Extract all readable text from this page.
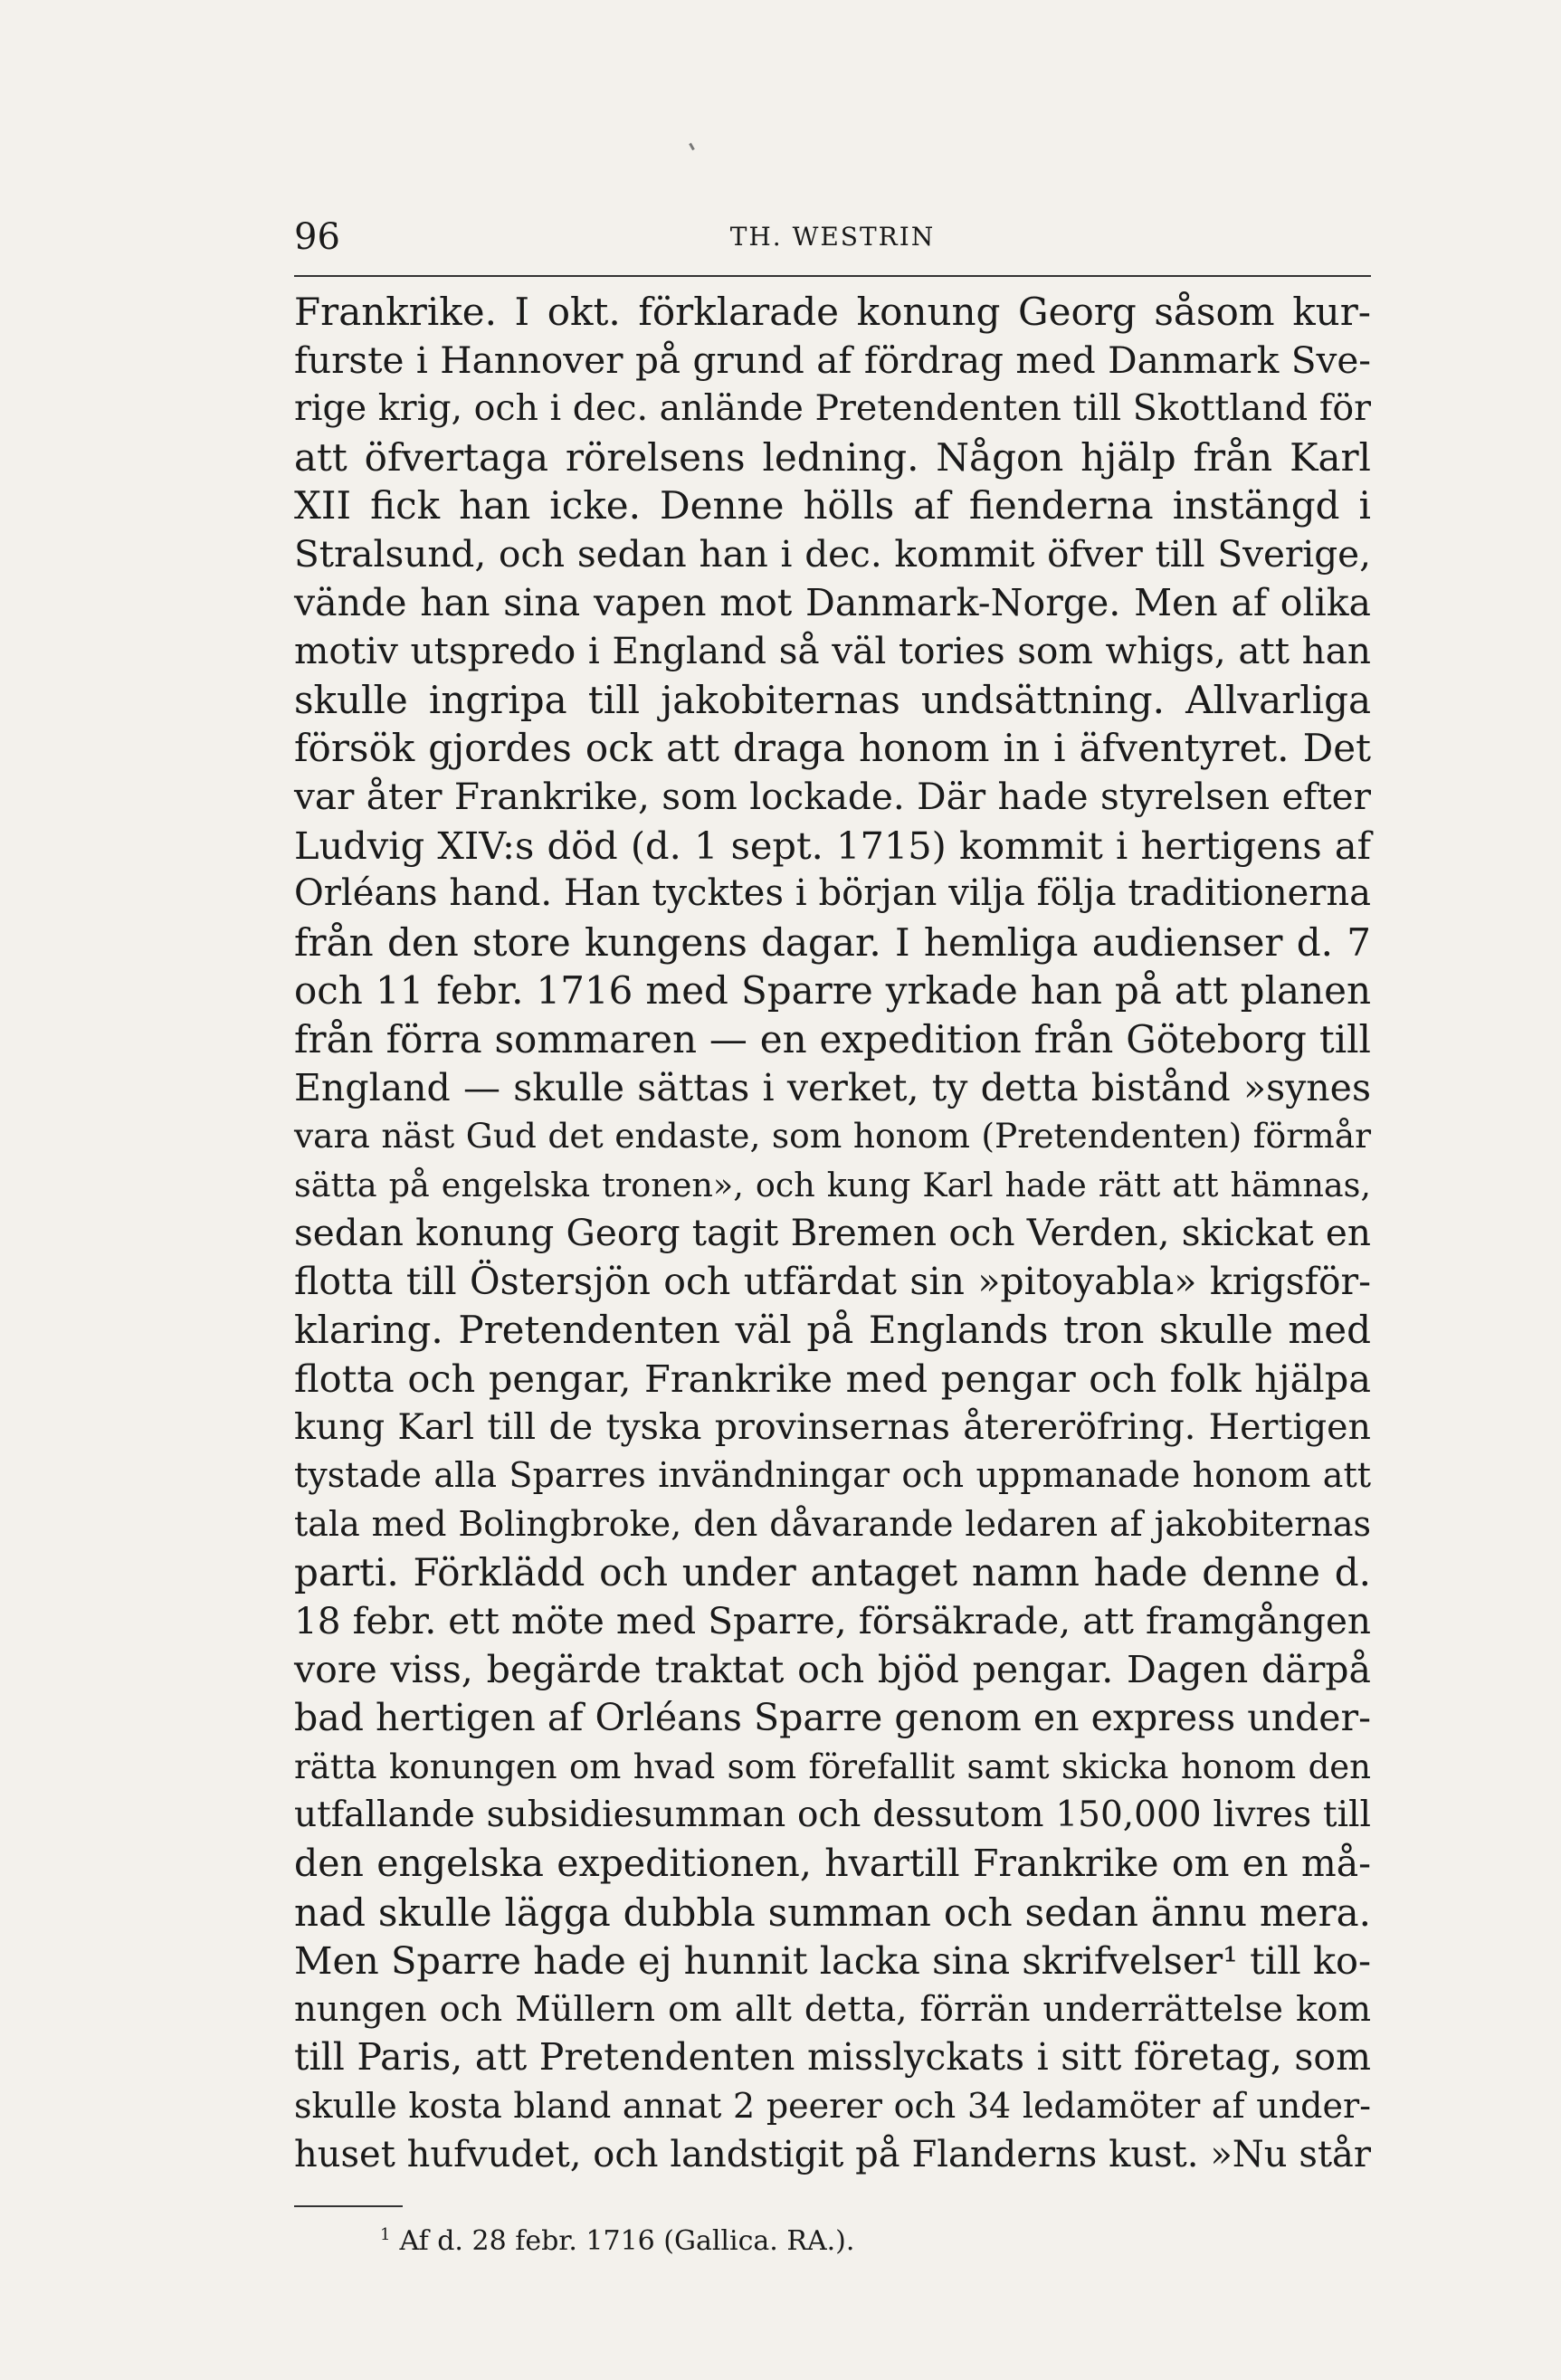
96	TH. WESTRIN
Frankrike. I okt. förklarade konung Georg såsom kur-
furste i Hannover på grund af fördrag med Danmark Sve-
rige krig, och i dec. anlände Pretendenten till Skottland för
att öfvertaga rörelsens ledning. Någon hjälp från Karl
XII fick han icke. Denne hölls af fienderna instängd i
Stralsund, och sedan han i dec. kommit öfver till Sverige,
vände han sina vapen mot Danmark-Norge. Men af olika
motiv utspredo i England så väl tories som whigs, att han
skulle ingripa till jakobiternas undsättning. Allvarliga
försök gjordes ock att draga honom in i äfventyret. Det
var åter Frankrike, som lockade. Där hade styrelsen efter
Ludvig XIV:s död (d. 1 sept. 1715) kommit i hertigens af
Orléans hand. Han tycktes i början vilja följa traditionerna
från den store kungens dagar. I hemliga audienser d. 7
och 11 febr. 1716 med Sparre yrkade han på att planen
från förra sommaren — en expedition från Göteborg till
England — skulle sättas i verket, ty detta bistånd »synes
vara näst Gud det endaste, som honom (Pretendenten) förmår
sätta på engelska tronen», och kung Karl hade rätt att hämnas,
sedan konung Georg tagit Bremen och Verden, skickat en
flotta till Östersjön och utfärdat sin »pitoyabla» krigsför-
klaring. Pretendenten väl på Englands tron skulle med
flotta och pengar, Frankrike med pengar och folk hjälpa
kung Karl till de tyska provinsernas återeröfring. Hertigen
tystade alla Sparres invändningar och uppmanade honom att
tala med Bolingbroke, den dåvarande ledaren af jakobiternas
parti. Förklädd och under antaget namn hade denne d.
18 febr. ett möte med Sparre, försäkrade, att framgången
vore viss, begärde traktat och bjöd pengar. Dagen därpå
bad hertigen af Orléans Sparre genom en express under-
rätta konungen om hvad som förefallit samt skicka honom den
utfallande subsidiesumman och dessutom 150,000 livres till
den engelska expeditionen, hvartill Frankrike om en må-
nad skulle lägga dubbla summan och sedan ännu mera.
Men Sparre hade ej hunnit lacka sina skrifvelser¹ till ko-
nungen och Müllern om allt detta, förrän underrättelse kom
till Paris, att Pretendenten misslyckats i sitt företag, som
skulle kosta bland annat 2 peerer och 34 ledamöter af under-
huset hufvudet, och landstigit på Flanderns kust. »Nu står
$^1$ Af d. 28 febr. 1716 (Gallica. RA.).
